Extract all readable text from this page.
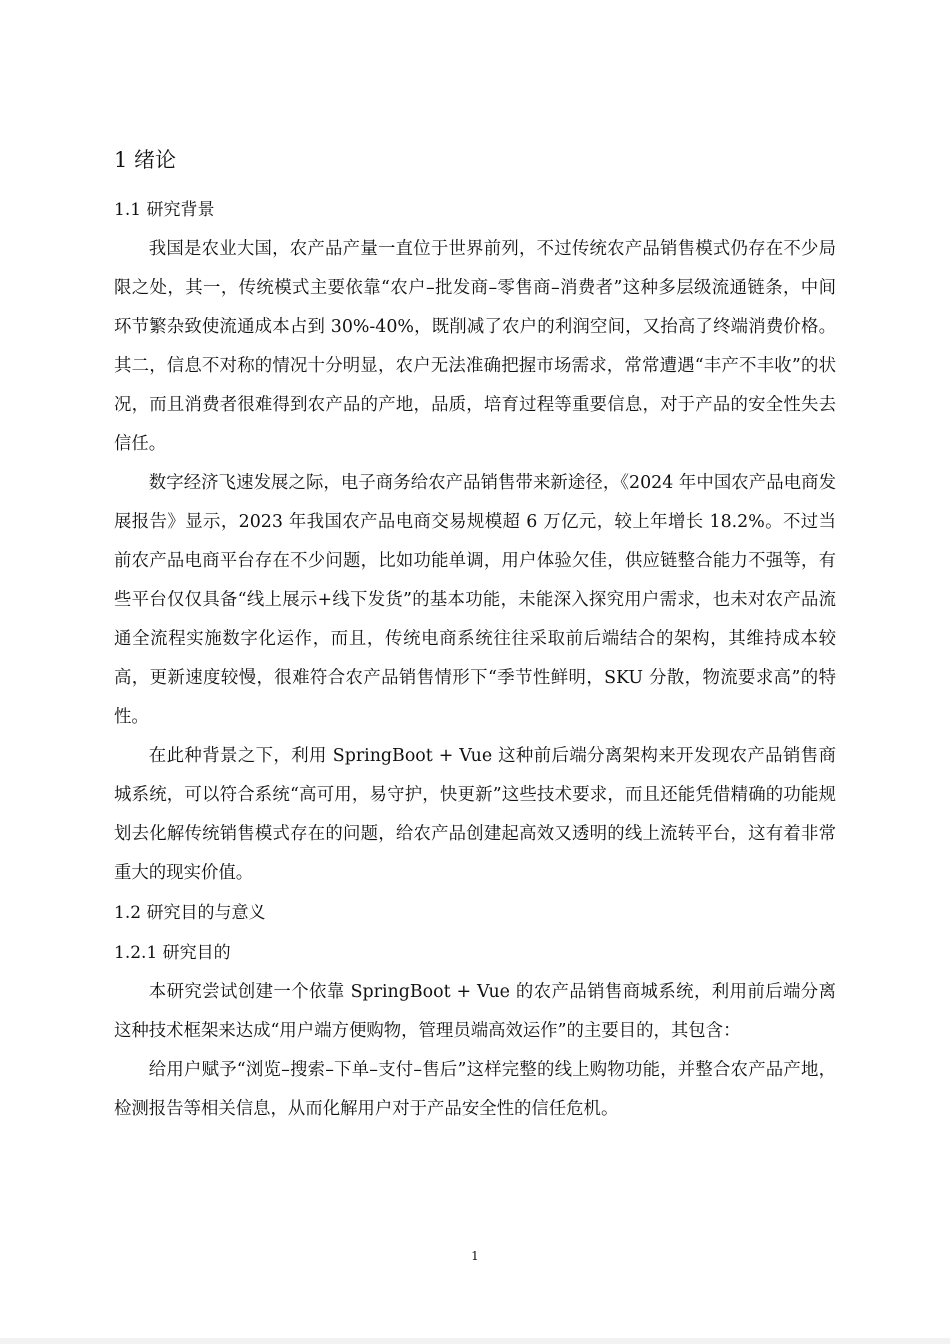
1 绪论
1.1 研究背景

我国是农业大国，农产品产量一直位于世界前列，不过传统农产品销售模式仍存在不少局限之处，其一，传统模式主要依靠“农户–批发商–零售商–消费者”这种多层级流通链条，中间环节繁杂致使流通成本占到 30%-40%，既削减了农户的利润空间，又抬高了终端消费价格。其二，信息不对称的情况十分明显，农户无法准确把握市场需求，常常遭遇“丰产不丰收”的状况，而且消费者很难得到农产品的产地，品质，培育过程等重要信息，对于产品的安全性失去信任。

数字经济飞速发展之际，电子商务给农产品销售带来新途径，《2024 年中国农产品电商发展报告》显示，2023 年我国农产品电商交易规模超 6 万亿元，较上年增长 18.2%。不过当前农产品电商平台存在不少问题，比如功能单调，用户体验欠佳，供应链整合能力不强等，有些平台仅仅具备“线上展示+线下发货”的基本功能，未能深入探究用户需求，也未对农产品流通全流程实施数字化运作，而且，传统电商系统往往采取前后端结合的架构，其维持成本较高，更新速度较慢，很难符合农产品销售情形下“季节性鲜明，SKU 分散，物流要求高”的特性。

在此种背景之下，利用 SpringBoot + Vue 这种前后端分离架构来开发现农产品销售商城系统，可以符合系统“高可用，易守护，快更新”这些技术要求，而且还能凭借精确的功能规划去化解传统销售模式存在的问题，给农产品创建起高效又透明的线上流转平台，这有着非常重大的现实价值。

1.2 研究目的与意义
1.2.1 研究目的

本研究尝试创建一个依靠 SpringBoot + Vue 的农产品销售商城系统，利用前后端分离这种技术框架来达成“用户端方便购物，管理员端高效运作”的主要目的，其包含：

给用户赋予“浏览–搜索–下单–支付–售后”这样完整的线上购物功能，并整合农产品产地，检测报告等相关信息，从而化解用户对于产品安全性的信任危机。

1
